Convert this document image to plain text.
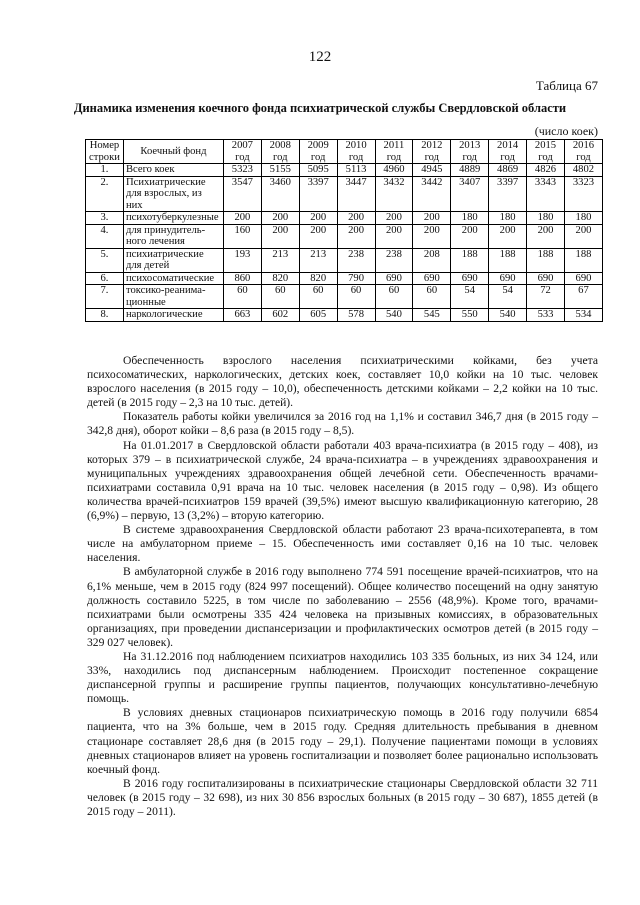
122
Таблица 67
Динамика изменения коечного фонда психиатрической службы Свердловской области
(число коек)
Номер строки	Коечный фонд	2007 год	2008 год	2009 год	2010 год	2011 год	2012 год	2013 год	2014 год	2015 год	2016 год
1.	Всего коек	5323	5155	5095	5113	4960	4945	4889	4869	4826	4802
2.	Психиатрические для взрослых, из них	3547	3460	3397	3447	3432	3442	3407	3397	3343	3323
3.	психотуберкулезные	200	200	200	200	200	200	180	180	180	180
4.	для принудитель-ного лечения	160	200	200	200	200	200	200	200	200	200
5.	психиатрические для детей	193	213	213	238	238	208	188	188	188	188
6.	психосоматические	860	820	820	790	690	690	690	690	690	690
7.	токсико-реанима-ционные	60	60	60	60	60	60	54	54	72	67
8.	наркологические	663	602	605	578	540	545	550	540	533	534

Обеспеченность взрослого населения психиатрическими койками, без учета психосоматических, наркологических, детских коек, составляет 10,0 койки на 10 тыс. человек взрослого населения (в 2015 году – 10,0), обеспеченность детскими койками – 2,2 койки на 10 тыс. детей (в 2015 году – 2,3 на 10 тыс. детей).

Показатель работы койки увеличился за 2016 год на 1,1% и составил 346,7 дня (в 2015 году – 342,8 дня), оборот койки – 8,6 раза (в 2015 году – 8,5).

На 01.01.2017 в Свердловской области работали 403 врача-психиатра (в 2015 году – 408), из которых 379 – в психиатрической службе, 24 врача-психиатра – в учреждениях здравоохранения и муниципальных учреждениях здравоохранения общей лечебной сети. Обеспеченность врачами-психиатрами составила 0,91 врача на 10 тыс. человек населения (в 2015 году – 0,98). Из общего количества врачей-психиатров 159 врачей (39,5%) имеют высшую квалификационную категорию, 28 (6,9%) – первую, 13 (3,2%) – вторую категорию.

В системе здравоохранения Свердловской области работают 23 врача-психотерапевта, в том числе на амбулаторном приеме – 15. Обеспеченность ими составляет 0,16 на 10 тыс. человек населения.

В амбулаторной службе в 2016 году выполнено 774 591 посещение врачей-психиатров, что на 6,1% меньше, чем в 2015 году (824 997 посещений). Общее количество посещений на одну занятую должность составило 5225, в том числе по заболеванию – 2556 (48,9%). Кроме того, врачами-психиатрами были осмотрены 335 424 человека на призывных комиссиях, в образовательных организациях, при проведении диспансеризации и профилактических осмотров детей (в 2015 году – 329 027 человек).

На 31.12.2016 под наблюдением психиатров находились 103 335 больных, из них 34 124, или 33%, находились под диспансерным наблюдением. Происходит постепенное сокращение диспансерной группы и расширение группы пациентов, получающих консультативно-лечебную помощь.

В условиях дневных стационаров психиатрическую помощь в 2016 году получили 6854 пациента, что на 3% больше, чем в 2015 году. Средняя длительность пребывания в дневном стационаре составляет 28,6 дня (в 2015 году – 29,1). Получение пациентами помощи в условиях дневных стационаров влияет на уровень госпитализации и позволяет более рационально использовать коечный фонд.

В 2016 году госпитализированы в психиатрические стационары Свердловской области 32 711 человек (в 2015 году – 32 698), из них 30 856 взрослых больных (в 2015 году – 30 687), 1855 детей (в 2015 году – 2011).
